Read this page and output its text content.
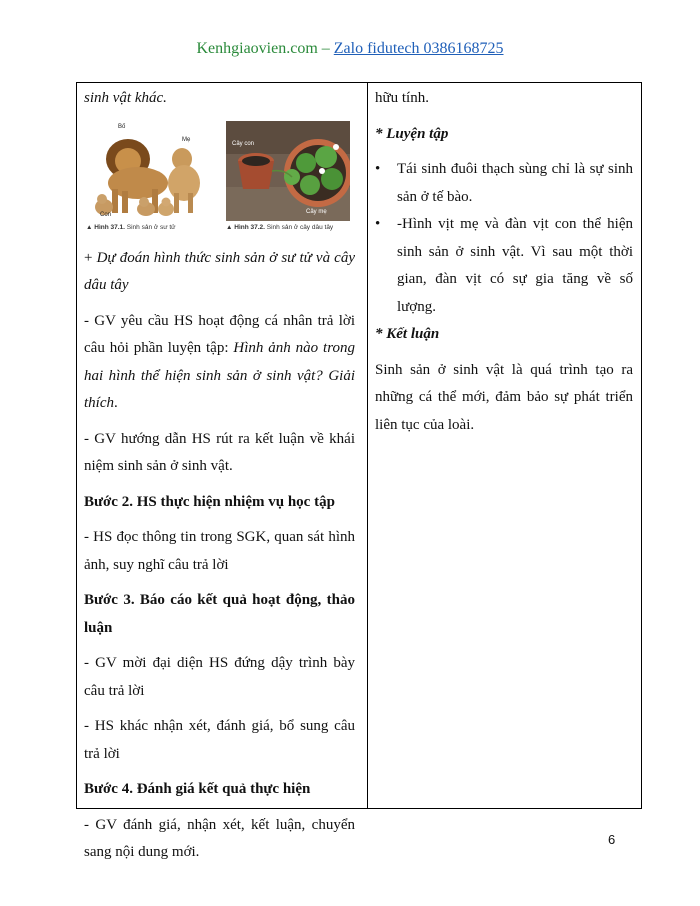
Kenhgiaovien.com – Zalo fidutech 0386168725

sinh vật khác.

Bố
Mẹ
Con
▲ Hình 37.1. Sinh sản ở sư tử
Cây con
Cây mẹ
▲ Hình 37.2. Sinh sản ở cây dâu tây

+ Dự đoán hình thức sinh sản ở sư tử và cây dâu tây

- GV yêu cầu HS hoạt động cá nhân trả lời câu hỏi phần luyện tập: Hình ảnh nào trong hai hình thể hiện sinh sản ở sinh vật? Giải thích.

- GV hướng dẫn HS rút ra kết luận về khái niệm sinh sản ở sinh vật.

Bước 2. HS thực hiện nhiệm vụ học tập

- HS đọc thông tin trong SGK, quan sát hình ảnh, suy nghĩ câu trả lời

Bước 3. Báo cáo kết quả hoạt động, thảo luận

- GV mời đại diện HS đứng dậy trình bày câu trả lời

- HS khác nhận xét, đánh giá, bổ sung câu trả lời

Bước 4. Đánh giá kết quả thực hiện

- GV đánh giá, nhận xét, kết luận, chuyển sang nội dung mới.

hữu tính.

* Luyện tập

• Tái sinh đuôi thạch sùng chỉ là sự sinh sản ở tế bào.
• -Hình vịt mẹ và đàn vịt con thể hiện sinh sản ở sinh vật. Vì sau một thời gian, đàn vịt có sự gia tăng về số lượng.

* Kết luận

Sinh sản ở sinh vật là quá trình tạo ra những cá thể mới, đảm bảo sự phát triển liên tục của loài.

6
